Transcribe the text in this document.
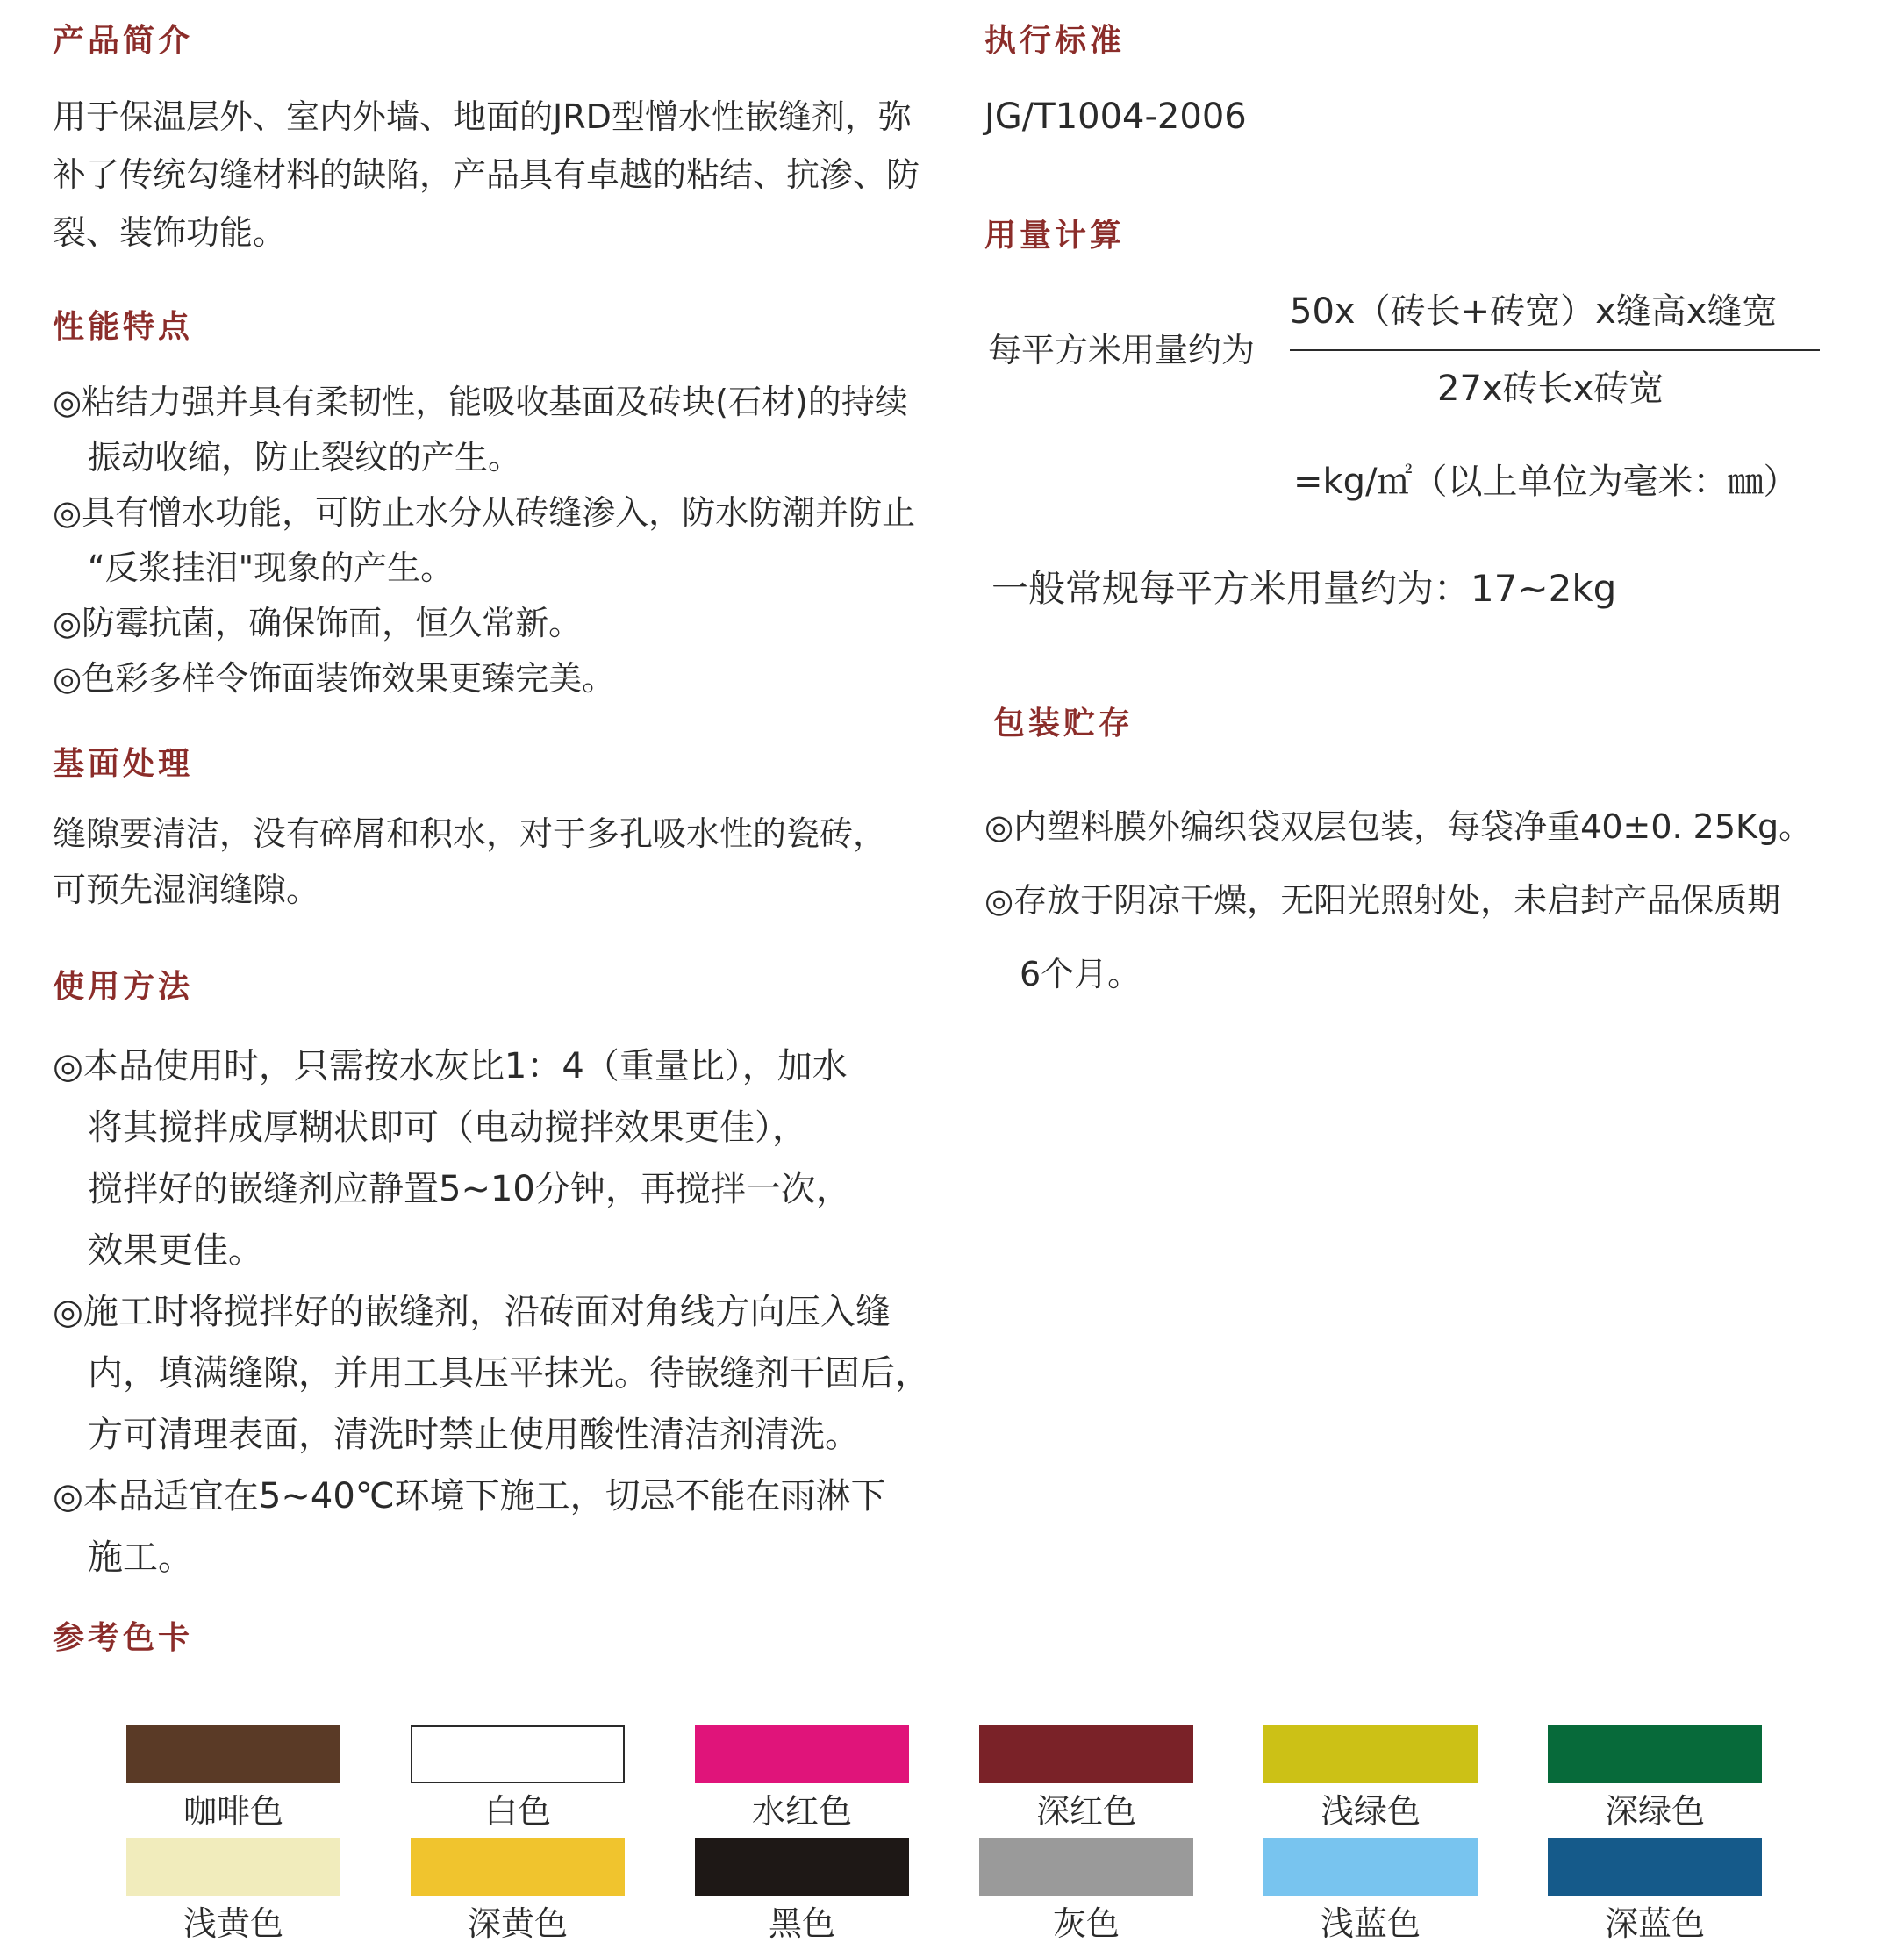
产品简介
用于保温层外、室内外墙、地面的JRD型憎水性嵌缝剂，弥
补了传统勾缝材料的缺陷，产品具有卓越的粘结、抗渗、防
裂、装饰功能。
性能特点
◎粘结力强并具有柔韧性，能吸收基面及砖块(石材)的持续
振动收缩，防止裂纹的产生。
◎具有憎水功能，可防止水分从砖缝渗入，防水防潮并防止
“反浆挂泪"现象的产生。
◎防霉抗菌，确保饰面，恒久常新。
◎色彩多样令饰面装饰效果更臻完美。
基面处理
缝隙要清洁，没有碎屑和积水，对于多孔吸水性的瓷砖，
可预先湿润缝隙。
使用方法
◎本品使用时，只需按水灰比1：4（重量比），加水
将其搅拌成厚糊状即可（电动搅拌效果更佳），
搅拌好的嵌缝剂应静置5~10分钟，再搅拌一次，
效果更佳。
◎施工时将搅拌好的嵌缝剂，沿砖面对角线方向压入缝
内，填满缝隙，并用工具压平抹光。待嵌缝剂干固后，
方可清理表面，清洗时禁止使用酸性清洁剂清洗。
◎本品适宜在5~40℃环境下施工，切忌不能在雨淋下
施工。
参考色卡
咖啡色	白色	水红色	深红色	浅绿色	深绿色
浅黄色	深黄色	黑色	灰色	浅蓝色	深蓝色
执行标准
JG/T1004-2006
用量计算
每平方米用量约为
50x（砖长+砖宽）x缝高x缝宽
27x砖长x砖宽
=kg/㎡（以上单位为毫米：㎜）
一般常规每平方米用量约为：17~2kg
包装贮存
◎内塑料膜外编织袋双层包装，每袋净重40±0. 25Kg。
◎存放于阴凉干燥，无阳光照射处，未启封产品保质期
6个月。
